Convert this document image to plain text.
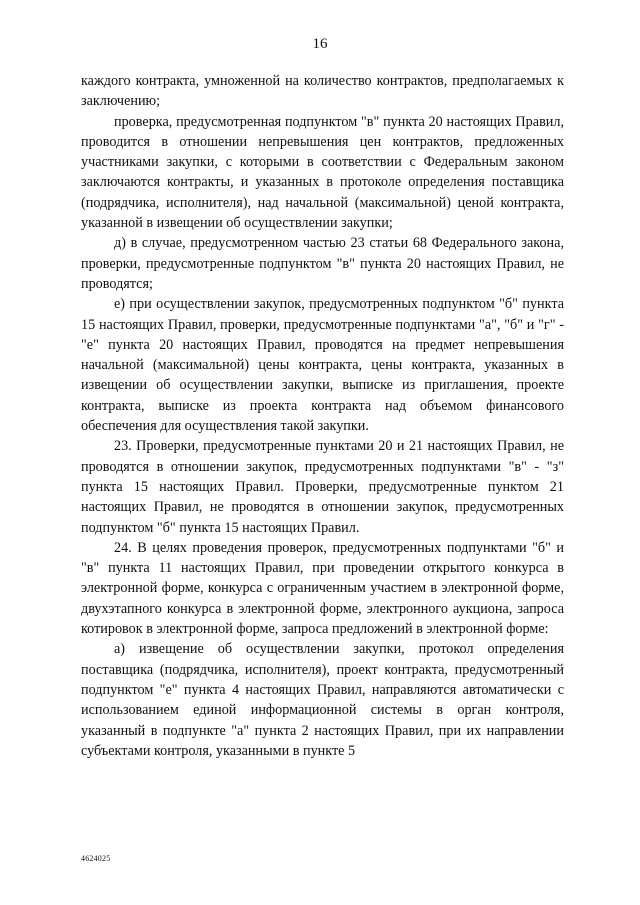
16

каждого контракта, умноженной на количество контрактов, предполагаемых к заключению;

проверка, предусмотренная подпунктом "в" пункта 20 настоящих Правил, проводится в отношении непревышения цен контрактов, предложенных участниками закупки, с которыми в соответствии с Федеральным законом заключаются контракты, и указанных в протоколе определения поставщика (подрядчика, исполнителя), над начальной (максимальной) ценой контракта, указанной в извещении об осуществлении закупки;

д) в случае, предусмотренном частью 23 статьи 68 Федерального закона, проверки, предусмотренные подпунктом "в" пункта 20 настоящих Правил, не проводятся;

е) при осуществлении закупок, предусмотренных подпунктом "б" пункта 15 настоящих Правил, проверки, предусмотренные подпунктами "а", "б" и "г" - "е" пункта 20 настоящих Правил, проводятся на предмет непревышения начальной (максимальной) цены контракта, цены контракта, указанных в извещении об осуществлении закупки, выписке из приглашения, проекте контракта, выписке из проекта контракта над объемом финансового обеспечения для осуществления такой закупки.

23. Проверки, предусмотренные пунктами 20 и 21 настоящих Правил, не проводятся в отношении закупок, предусмотренных подпунктами "в" - "з" пункта 15 настоящих Правил. Проверки, предусмотренные пунктом 21 настоящих Правил, не проводятся в отношении закупок, предусмотренных подпунктом "б" пункта 15 настоящих Правил.

24. В целях проведения проверок, предусмотренных подпунктами "б" и "в" пункта 11 настоящих Правил, при проведении открытого конкурса в электронной форме, конкурса с ограниченным участием в электронной форме, двухэтапного конкурса в электронной форме, электронного аукциона, запроса котировок в электронной форме, запроса предложений в электронной форме:

а) извещение об осуществлении закупки, протокол определения поставщика (подрядчика, исполнителя), проект контракта, предусмотренный подпунктом "е" пункта 4 настоящих Правил, направляются автоматически с использованием единой информационной системы в орган контроля, указанный в подпункте "а" пункта 2 настоящих Правил, при их направлении субъектами контроля, указанными в пункте 5

4624025
